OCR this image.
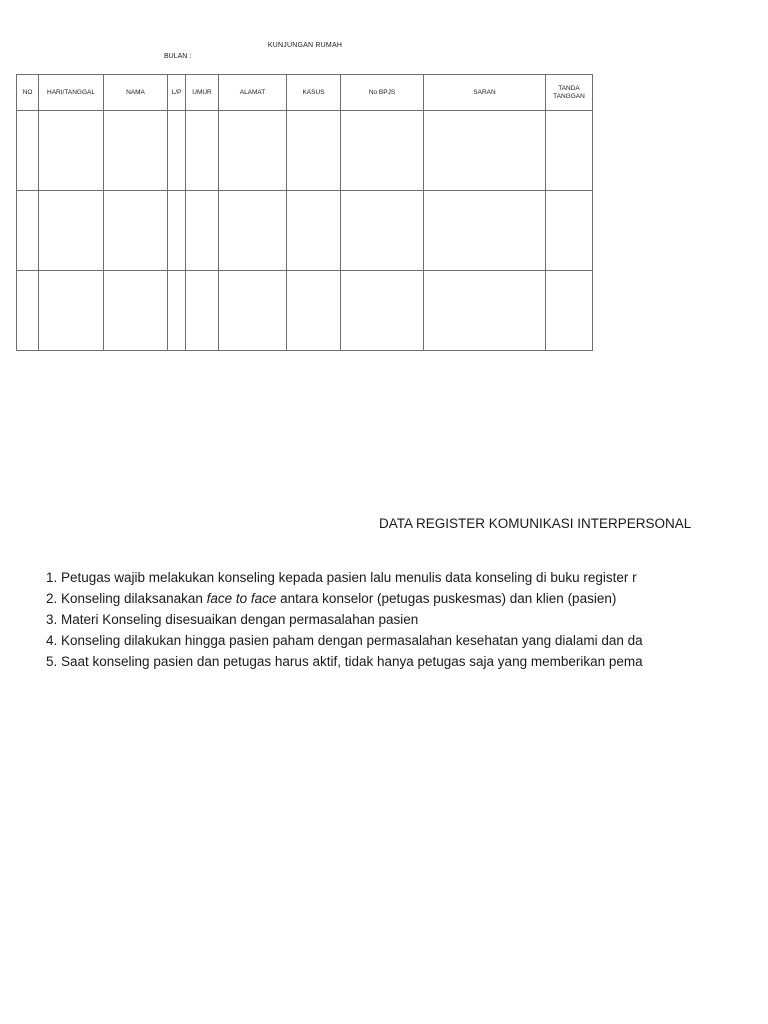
KUNJUNGAN RUMAH
BULAN :
NO	HARI/TANGGAL	NAMA	L/P	UMUR	ALAMAT	KASUS	No BPJS	SARAN	TANDA TANGGAN

DATA REGISTER KOMUNIKASI INTERPERSONAL
1. Petugas wajib melakukan konseling kepada pasien lalu menulis data konseling di buku register r
2. Konseling dilaksanakan face to face antara konselor (petugas puskesmas) dan klien (pasien)
3. Materi Konseling disesuaikan dengan permasalahan pasien
4. Konseling dilakukan hingga pasien paham dengan permasalahan kesehatan yang dialami dan da
5. Saat konseling pasien dan petugas harus aktif, tidak hanya petugas saja yang memberikan pema
